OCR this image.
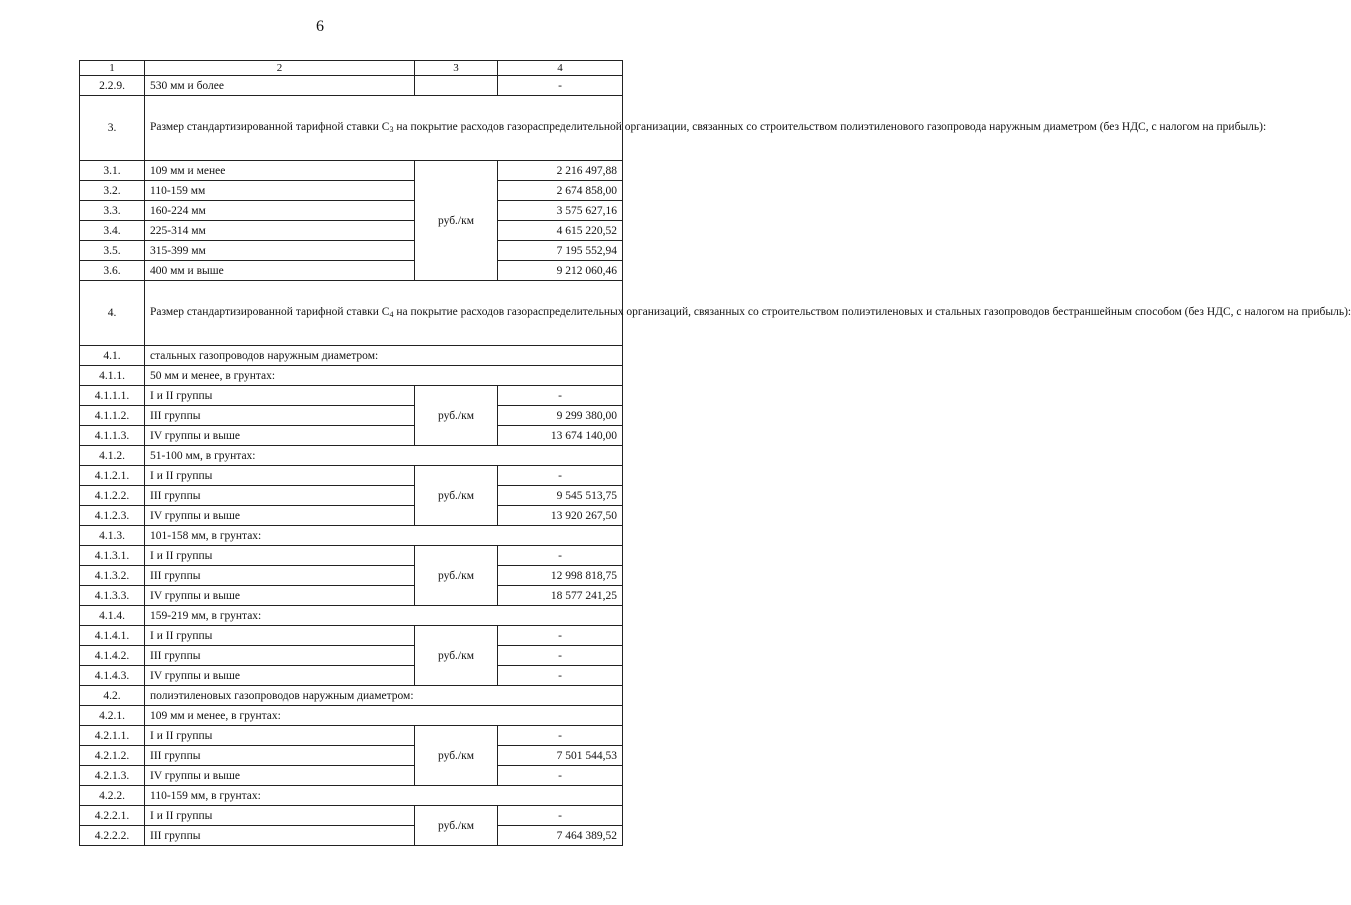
6
1	2	3	4
2.2.9.	530 мм и более		-
3.	Размер стандартизированной тарифной ставки $С_3$ на покрытие расходов газораспределительной организации, связанных со строительством полиэтиленового газопровода наружным диаметром (без НДС, с налогом на прибыль):		
3.1.	109 мм и менее	руб./км	2 216 497,88
3.2.	110-159 мм		2 674 858,00
3.3.	160-224 мм		3 575 627,16
3.4.	225-314 мм		4 615 220,52
3.5.	315-399 мм		7 195 552,94
3.6.	400 мм и выше		9 212 060,46
4.	Размер стандартизированной тарифной ставки $С_4$ на покрытие расходов газораспределительных организаций, связанных со строительством полиэтиленовых и стальных газопроводов бестраншейным способом (без НДС, с налогом на прибыль):		
4.1.	стальных газопроводов наружным диаметром:		
4.1.1.	50 мм и менее, в грунтах:		
4.1.1.1.	I и II группы	руб./км	-
4.1.1.2.	III группы		9 299 380,00
4.1.1.3.	IV группы и выше		13 674 140,00
4.1.2.	51-100 мм, в грунтах:		
4.1.2.1.	I и II группы	руб./км	-
4.1.2.2.	III группы		9 545 513,75
4.1.2.3.	IV группы и выше		13 920 267,50
4.1.3.	101-158 мм, в грунтах:		
4.1.3.1.	I и II группы	руб./км	-
4.1.3.2.	III группы		12 998 818,75
4.1.3.3.	IV группы и выше		18 577 241,25
4.1.4.	159-219 мм, в грунтах:		
4.1.4.1.	I и II группы	руб./км	-
4.1.4.2.	III группы		-
4.1.4.3.	IV группы и выше		-
4.2.	полиэтиленовых газопроводов наружным диаметром:		
4.2.1.	109 мм и менее, в грунтах:		
4.2.1.1.	I и II группы	руб./км	-
4.2.1.2.	III группы		7 501 544,53
4.2.1.3.	IV группы и выше		-
4.2.2.	110-159 мм, в грунтах:		
4.2.2.1.	I и II группы	руб./км	-
4.2.2.2.	III группы		7 464 389,52
